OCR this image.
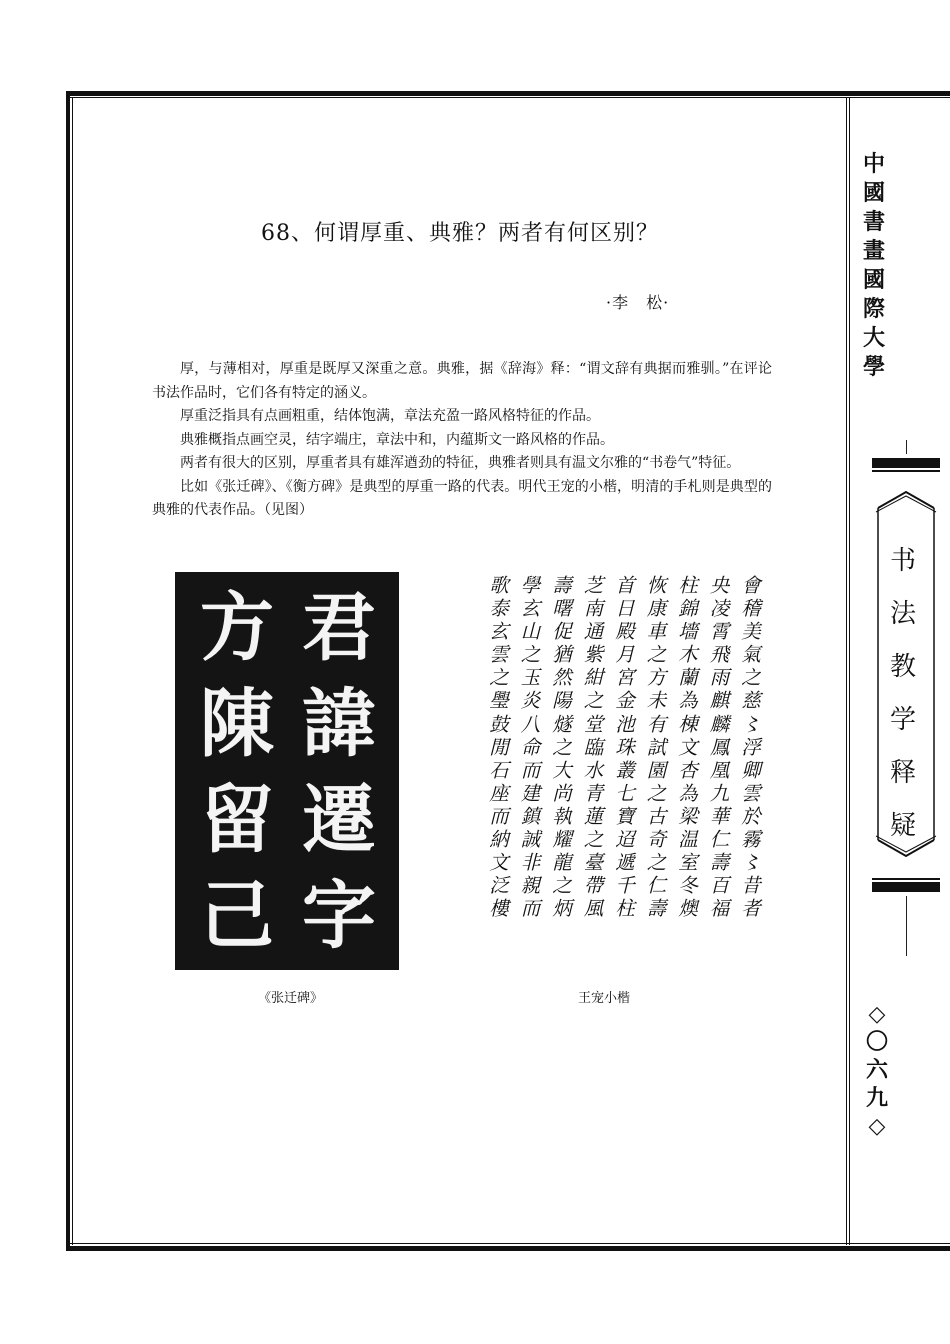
中
國
書
畫
國
際
大
學
书
法
教
学
释
疑
◇
〇
六
九
◇
68、何谓厚重、典雅？两者有何区别？
·李　松·

厚，与薄相对，厚重是既厚又深重之意。典雅，据《辞海》释：“谓文辞有典据而雅驯。”在评论书法作品时，它们各有特定的涵义。

厚重泛指具有点画粗重，结体饱满，章法充盈一路风格特征的作品。

典雅概指点画空灵，结字端庄，章法中和，内蕴斯文一路风格的作品。

两者有很大的区别，厚重者具有雄浑遒劲的特征，典雅者则具有温文尔雅的“书卷气”特征。

比如《张迁碑》、《衡方碑》是典型的厚重一路的代表。明代王宠的小楷，明清的手札则是典型的典雅的代表作品。（见图）

君
諱
遷
字
方
陳
留
己
《张迁碑》
會
稽
美
氣
之
慈
〻
浮
卿
雲
於
霧
〻
昔
者
央
凌
霄
飛
雨
麒
麟
鳳
凰
九
華
仁
壽
百
福
柱
錦
墻
木
蘭
為
棟
文
杏
為
梁
温
室
冬
燠
恢
康
車
之
方
未
有
試
園
之
古
奇
之
仁
壽
首
日
殿
月
宮
金
池
珠
叢
七
寶
迢
遞
千
柱
芝
南
通
紫
紺
之
堂
臨
水
青
蓮
之
臺
帶
風
壽
曙
促
猶
然
陽
燧
之
大
尚
執
耀
龍
之
炳
學
玄
山
之
玉
炎
八
命
而
建
鎮
誠
非
親
而
歌
泰
玄
雲
之
璺
鼓
閒
石
座
而
納
文
泛
樓
王宠小楷
